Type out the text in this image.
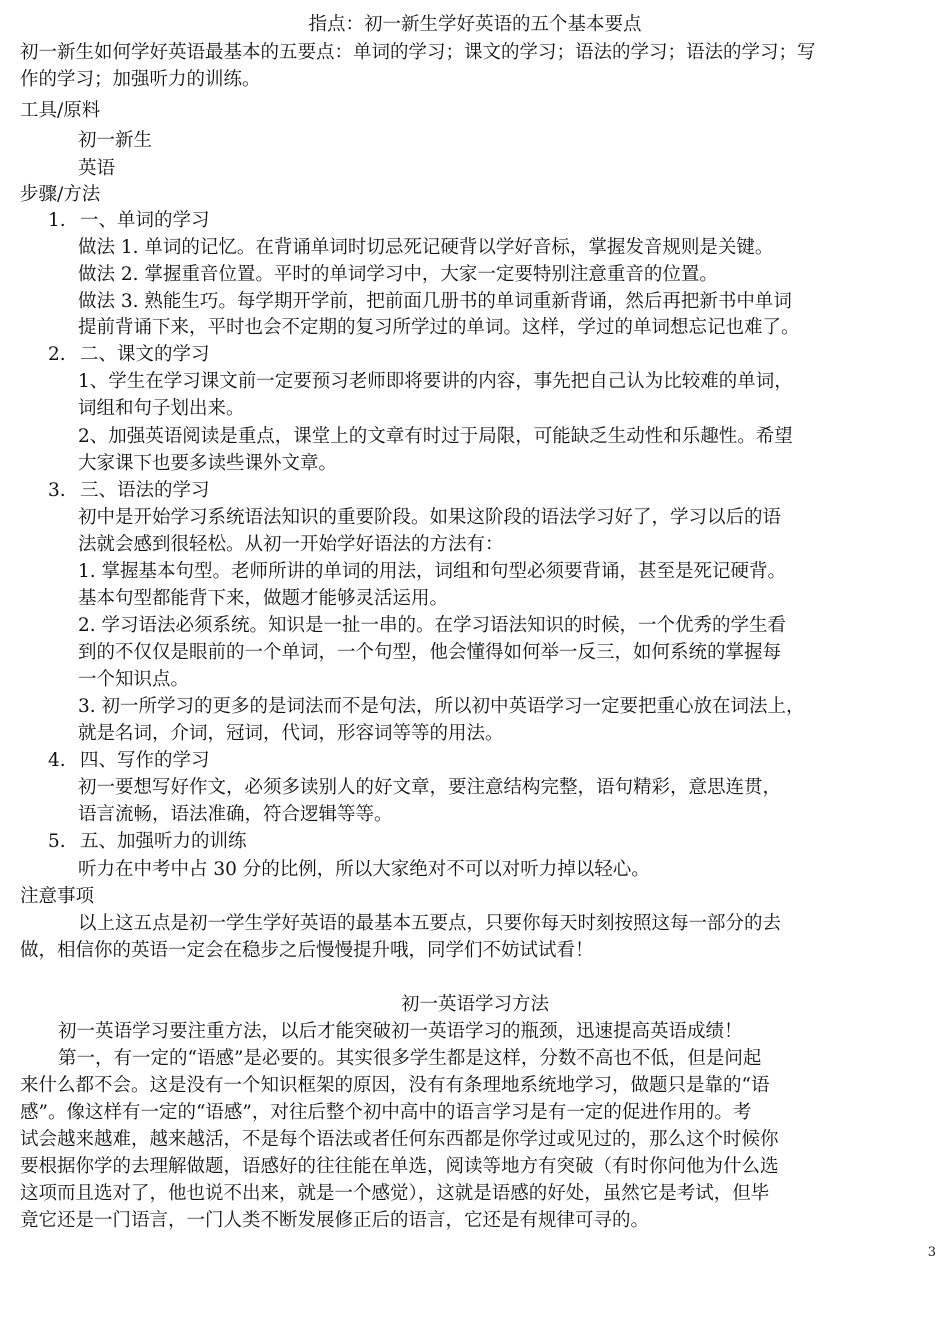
指点：初一新生学好英语的五个基本要点
初一新生如何学好英语最基本的五要点：单词的学习；课文的学习；语法的学习；语法的学习；写
作的学习；加强听力的训练。
工具/原料
初一新生
英语
步骤/方法
1. 一、单词的学习
做法 1. 单词的记忆。在背诵单词时切忌死记硬背以学好音标，掌握发音规则是关键。
做法 2. 掌握重音位置。平时的单词学习中，大家一定要特别注意重音的位置。
做法 3. 熟能生巧。每学期开学前，把前面几册书的单词重新背诵，然后再把新书中单词
提前背诵下来，平时也会不定期的复习所学过的单词。这样，学过的单词想忘记也难了。
2. 二、课文的学习
1、学生在学习课文前一定要预习老师即将要讲的内容，事先把自己认为比较难的单词，
词组和句子划出来。
2、加强英语阅读是重点，课堂上的文章有时过于局限，可能缺乏生动性和乐趣性。希望
大家课下也要多读些课外文章。
3. 三、语法的学习
初中是开始学习系统语法知识的重要阶段。如果这阶段的语法学习好了，学习以后的语
法就会感到很轻松。从初一开始学好语法的方法有：
1. 掌握基本句型。老师所讲的单词的用法，词组和句型必须要背诵，甚至是死记硬背。
基本句型都能背下来，做题才能够灵活运用。
2. 学习语法必须系统。知识是一扯一串的。在学习语法知识的时候，一个优秀的学生看
到的不仅仅是眼前的一个单词，一个句型，他会懂得如何举一反三，如何系统的掌握每
一个知识点。
3. 初一所学习的更多的是词法而不是句法，所以初中英语学习一定要把重心放在词法上，
就是名词，介词，冠词，代词，形容词等等的用法。
4. 四、写作的学习
初一要想写好作文，必须多读别人的好文章，要注意结构完整，语句精彩，意思连贯，
语言流畅，语法准确，符合逻辑等等。
5. 五、加强听力的训练
听力在中考中占 30 分的比例，所以大家绝对不可以对听力掉以轻心。
注意事项
以上这五点是初一学生学好英语的最基本五要点，只要你每天时刻按照这每一部分的去
做，相信你的英语一定会在稳步之后慢慢提升哦，同学们不妨试试看！
初一英语学习方法
初一英语学习要注重方法，以后才能突破初一英语学习的瓶颈，迅速提高英语成绩！
第一，有一定的“语感”是必要的。其实很多学生都是这样，分数不高也不低，但是问起
来什么都不会。这是没有一个知识框架的原因，没有有条理地系统地学习，做题只是靠的“语
感”。像这样有一定的“语感”，对往后整个初中高中的语言学习是有一定的促进作用的。考
试会越来越难，越来越活，不是每个语法或者任何东西都是你学过或见过的，那么这个时候你
要根据你学的去理解做题，语感好的往往能在单选，阅读等地方有突破（有时你问他为什么选
这项而且选对了，他也说不出来，就是一个感觉），这就是语感的好处，虽然它是考试，但毕
竟它还是一门语言，一门人类不断发展修正后的语言，它还是有规律可寻的。
3
